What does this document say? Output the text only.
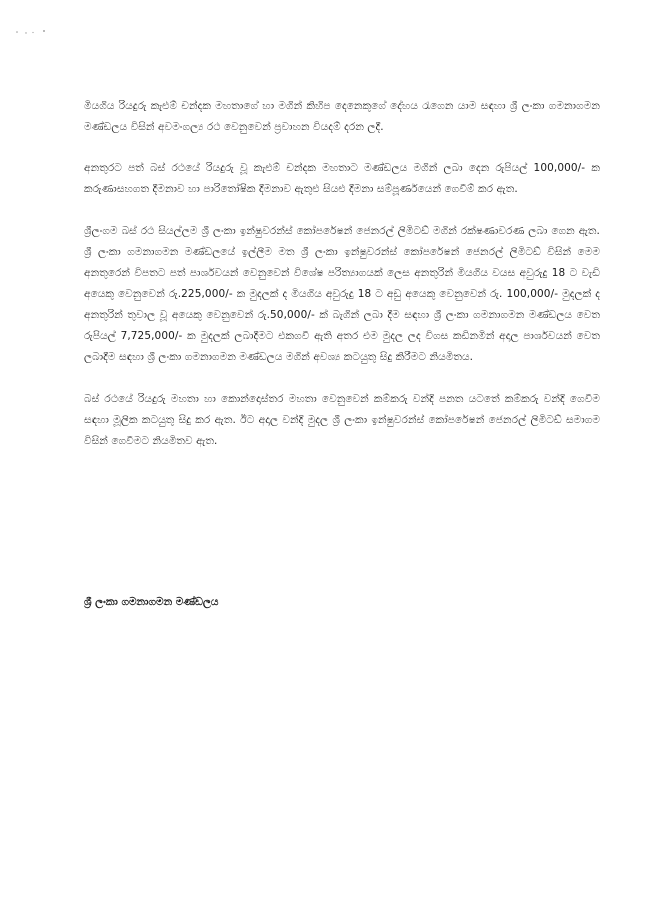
මියගිය රියදුරු කැළුම් චන්දක මහතාගේ හා මගින් කිහිප දෙනෙකුගේ දේහය රැගෙන යාම සඳහා ශ්‍රී ලංකා ගමනාගමන මණ්ඩලය විසින් අවමංගල්‍ය රථ වෙනුවෙන් ප්‍රවාහන වියදම් දරන ලදී.

අනතුරට පත් බස් රථයේ රියදුරු වූ කැළුම් චන්දක මහතාට මණ්ඩලය මගින් ලබා දෙන රුපියල් 100,000/- ක කරුණාසහගත දීමනාව හා පාරිතෝෂික දීමනාව ඇතුළු සියළු දීමනා සම්පූර්ණයෙන් ගෙවීම් කර ඇත.

ශ්‍රීලංගම බස් රථ සියල්ලම ශ්‍රී ලංකා ඉන්ෂුවරන්ස් කෝපරේෂන් ජෙනරල් ලිමිටඩ් මගින් රක්ෂණාවරණ ලබා ගෙන ඇත. ශ්‍රී ලංකා ගමනාගමන මණ්ඩලයේ ඉල්ලීම මත ශ්‍රී ලංකා ඉන්ෂුවරන්ස් කෝපරේෂන් ජෙනරල් ලිමිටඩ් විසින් මෙම අනතුරෙන් විපතට පත් පාර්ශවයන් වෙනුවෙන් විශේෂ පරිත්‍යාගයක් ලෙස අනතුරින් මියගිය වයස අවුරුදු 18 ට වැඩි අයෙකු වෙනුවෙන් රු.225,000/- ක මුදලක් ද මියගිය අවුරුදු 18 ට අඩු අයෙකු වෙනුවෙන් රු. 100,000/- මුදලක් ද අනතුරින් තුවාල වූ අයෙකු වෙනුවෙන් රු.50,000/- ක් බැගින් ලබා දීම සඳහා ශ්‍රී ලංකා ගමනාගමන මණ්ඩලය වෙත රුපියල් 7,725,000/- ක මුදලක් ලබාදීමට එකගවී ඇති අතර එම මුදල ලද විගස කඩිනමින් අදාල පාර්ශවයන් වෙත ලබාදීම සඳහා ශ්‍රී ලංකා ගමනාගමන මණ්ඩලය මගින් අවශ්‍ය කටයුතු සිදු කිරීමට නියමිතය.

බස් රථයේ රියදුරු මහතා හා කොන්දොස්තර මහතා වෙනුවෙන් කම්කරු වන්දි පනත යටතේ කම්කරු වන්දි ගෙවීම සඳහා මූලික කටයුතු සිදු කර ඇත. ඊට අදාල වන්දි මුදල ශ්‍රී ලංකා ඉන්ෂුවරන්ස් කෝපරේෂන් ජෙනරල් ලිමිටඩ් සමාගම විසින් ගෙවීමට නියමිතව ඇත.

ශ්‍රී ලංකා ගමනාගමන මණ්ඩලය
